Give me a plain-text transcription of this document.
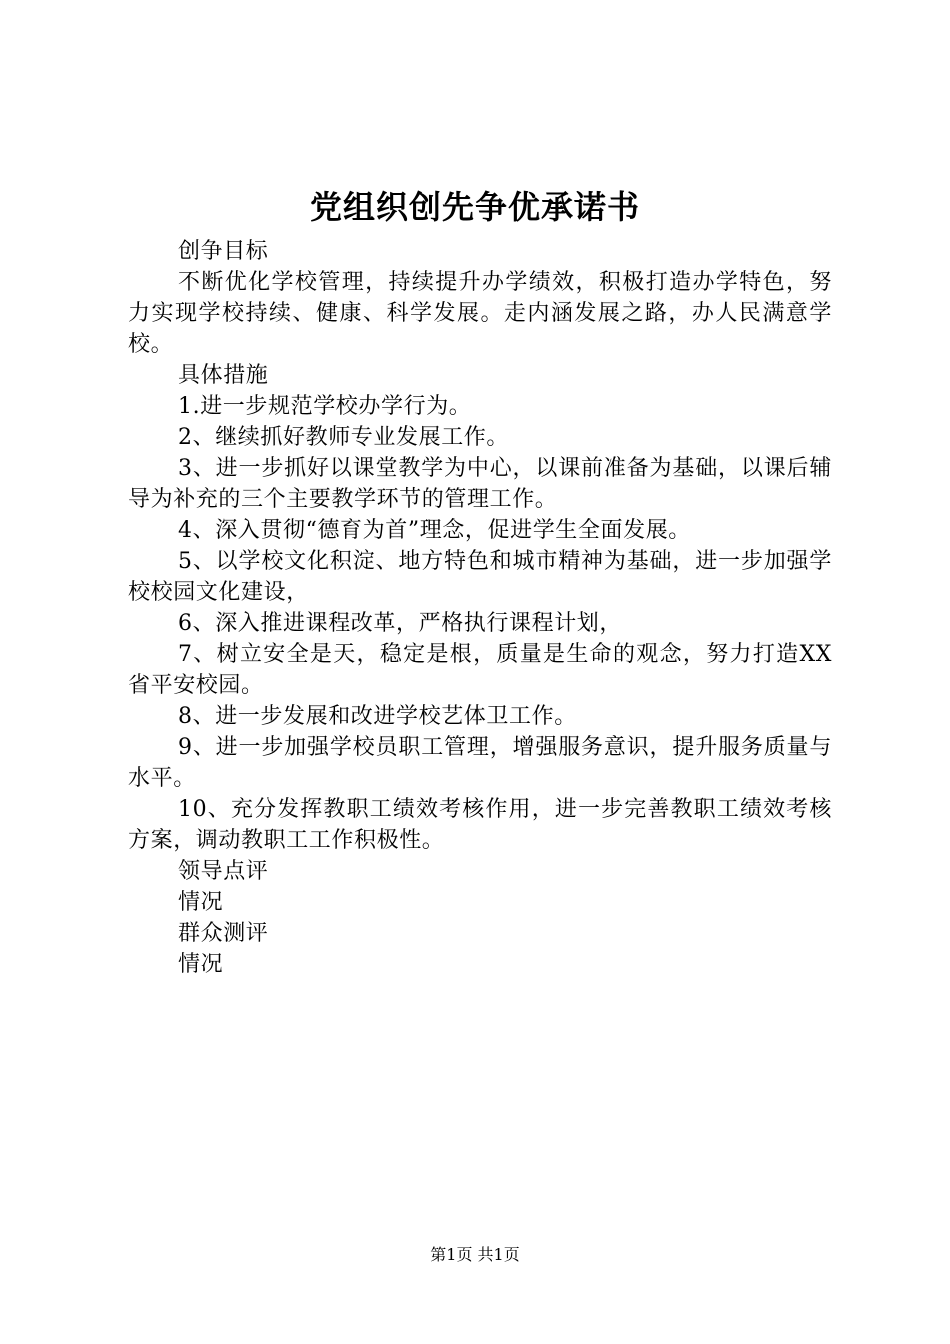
党组织创先争优承诺书

创争目标

不断优化学校管理，持续提升办学绩效，积极打造办学特色，努力实现学校持续、健康、科学发展。走内涵发展之路，办人民满意学校。

具体措施

1.进一步规范学校办学行为。

2、继续抓好教师专业发展工作。

3、进一步抓好以课堂教学为中心，以课前准备为基础，以课后辅导为补充的三个主要教学环节的管理工作。

4、深入贯彻“德育为首”理念，促进学生全面发展。

5、以学校文化积淀、地方特色和城市精神为基础，进一步加强学校校园文化建设，

6、深入推进课程改革，严格执行课程计划，

7、树立安全是天，稳定是根，质量是生命的观念，努力打造XX省平安校园。

8、进一步发展和改进学校艺体卫工作。

9、进一步加强学校员职工管理，增强服务意识，提升服务质量与水平。

10、充分发挥教职工绩效考核作用，进一步完善教职工绩效考核方案，调动教职工工作积极性。

领导点评

情况

群众测评

情况

第1页 共1页
